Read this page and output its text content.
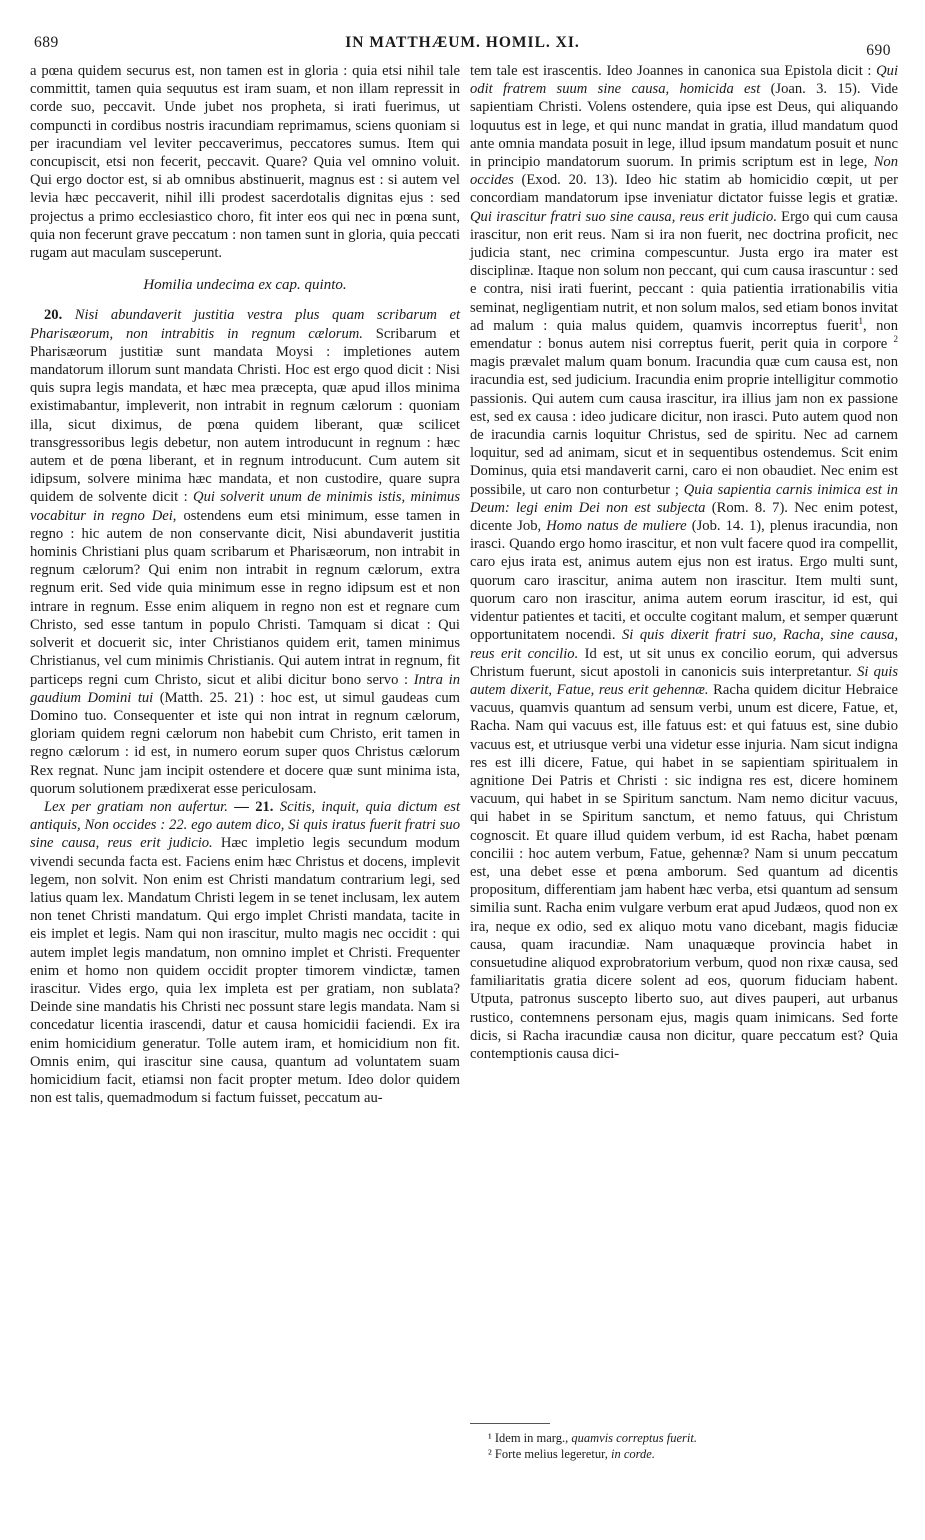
689	IN MATTHÆUM. HOMIL. XI.	690

a pœna quidem securus est, non tamen est in gloria : quia etsi nihil tale committit, tamen quia sequutus est iram suam, et non illam repressit in corde suo, peccavit. Unde jubet nos propheta, si irati fuerimus, ut compuncti in cordibus nostris iracundiam reprimamus, sciens quoniam si per iracundiam vel leviter peccaverimus, peccatores sumus. Item qui concupiscit, etsi non fecerit, peccavit. Quare? Quia vel omnino voluit. Qui ergo doctor est, si ab omnibus abstinuerit, magnus est : si autem vel levia hæc peccaverit, nihil illi prodest sacerdotalis dignitas ejus : sed projectus a primo ecclesiastico choro, fit inter eos qui nec in pœna sunt, quia non fecerunt grave peccatum : non tamen sunt in gloria, quia peccati rugam aut maculam susceperunt.

Homilia undecima ex cap. quinto.

20. Nisi abundaverit justitia vestra plus quam scribarum et Pharisæorum, non intrabitis in regnum cælorum. Scribarum et Pharisæorum justitiæ sunt mandata Moysi : impletiones autem mandatorum illorum sunt mandata Christi. Hoc est ergo quod dicit : Nisi quis supra legis mandata, et hæc mea præcepta, quæ apud illos minima existimabantur, impleverit, non intrabit in regnum cælorum : quoniam illa, sicut diximus, de pœna quidem liberant, quæ scilicet transgressoribus legis debetur, non autem introducunt in regnum : hæc autem et de pœna liberant, et in regnum introducunt. Cum autem sit idipsum, solvere minima hæc mandata, et non custodire, quare supra quidem de solvente dicit : Qui solverit unum de minimis istis, minimus vocabitur in regno Dei, ostendens eum etsi minimum, esse tamen in regno : hic autem de non conservante dicit, Nisi abundaverit justitia hominis Christiani plus quam scribarum et Pharisæorum, non intrabit in regnum cælorum? Qui enim non intrabit in regnum cælorum, extra regnum erit. Sed vide quia minimum esse in regno idipsum est et non intrare in regnum. Esse enim aliquem in regno non est et regnare cum Christo, sed esse tantum in populo Christi. Tamquam si dicat : Qui solverit et docuerit sic, inter Christianos quidem erit, tamen minimus Christianus, vel cum minimis Christianis. Qui autem intrat in regnum, fit particeps regni cum Christo, sicut et alibi dicitur bono servo : Intra in gaudium Domini tui (Matth. 25. 21) : hoc est, ut simul gaudeas cum Domino tuo. Consequenter et iste qui non intrat in regnum cælorum, gloriam quidem regni cælorum non habebit cum Christo, erit tamen in regno cælorum : id est, in numero eorum super quos Christus cælorum Rex regnat. Nunc jam incipit ostendere et docere quæ sunt minima ista, quorum solutionem prædixerat esse periculosam.

Lex per gratiam non aufertur. — 21. Scitis, inquit, quia dictum est antiquis, Non occides : 22. ego autem dico, Si quis iratus fuerit fratri suo sine causa, reus erit judicio. Hæc impletio legis secundum modum vivendi secunda facta est. Faciens enim hæc Christus et docens, implevit legem, non solvit. Non enim est Christi mandatum contrarium legi, sed latius quam lex. Mandatum Christi legem in se tenet inclusam, lex autem non tenet Christi mandatum. Qui ergo implet Christi mandata, tacite in eis implet et legis. Nam qui non irascitur, multo magis nec occidit : qui autem implet legis mandatum, non omnino implet et Christi. Frequenter enim et homo non quidem occidit propter timorem vindictæ, tamen irascitur. Vides ergo, quia lex impleta est per gratiam, non sublata? Deinde sine mandatis his Christi nec possunt stare legis mandata. Nam si concedatur licentia irascendi, datur et causa homicidii faciendi. Ex ira enim homicidium generatur. Tolle autem iram, et homicidium non fit. Omnis enim, qui irascitur sine causa, quantum ad voluntatem suam homicidium facit, etiamsi non facit propter metum. Ideo dolor quidem non est talis, quemadmodum si factum fuisset, peccatum au-

tem tale est irascentis. Ideo Joannes in canonica sua Epistola dicit : Qui odit fratrem suum sine causa, homicida est (Joan. 3. 15). Vide sapientiam Christi. Volens ostendere, quia ipse est Deus, qui aliquando loquutus est in lege, et qui nunc mandat in gratia, illud mandatum quod ante omnia mandata posuit in lege, illud ipsum mandatum posuit et nunc in principio mandatorum suorum. In primis scriptum est in lege, Non occides (Exod. 20. 13). Ideo hic statim ab homicidio cœpit, ut per concordiam mandatorum ipse inveniatur dictator fuisse legis et gratiæ. Qui irascitur fratri suo sine causa, reus erit judicio. Ergo qui cum causa irascitur, non erit reus. Nam si ira non fuerit, nec doctrina proficit, nec judicia stant, nec crimina compescuntur. Justa ergo ira mater est disciplinæ. Itaque non solum non peccant, qui cum causa irascuntur : sed e contra, nisi irati fuerint, peccant : quia patientia irrationabilis vitia seminat, negligentiam nutrit, et non solum malos, sed etiam bonos invitat ad malum : quia malus quidem, quamvis incorreptus fuerit$^1$, non emendatur : bonus autem nisi correptus fuerit, perit quia in corpore $^2$ magis prævalet malum quam bonum. Iracundia quæ cum causa est, non iracundia est, sed judicium. Iracundia enim proprie intelligitur commotio passionis. Qui autem cum causa irascitur, ira illius jam non ex passione est, sed ex causa : ideo judicare dicitur, non irasci. Puto autem quod non de iracundia carnis loquitur Christus, sed de spiritu. Nec ad carnem loquitur, sed ad animam, sicut et in sequentibus ostendemus. Scit enim Dominus, quia etsi mandaverit carni, caro ei non obaudiet. Nec enim est possibile, ut caro non conturbetur ; Quia sapientia carnis inimica est in Deum: legi enim Dei non est subjecta (Rom. 8. 7). Nec enim potest, dicente Job, Homo natus de muliere (Job. 14. 1), plenus iracundia, non irasci. Quando ergo homo irascitur, et non vult facere quod ira compellit, caro ejus irata est, animus autem ejus non est iratus. Ergo multi sunt, quorum caro irascitur, anima autem non irascitur. Item multi sunt, quorum caro non irascitur, anima autem eorum irascitur, id est, qui videntur patientes et taciti, et occulte cogitant malum, et semper quærunt opportunitatem nocendi. Si quis dixerit fratri suo, Racha, sine causa, reus erit concilio. Id est, ut sit unus ex concilio eorum, qui adversus Christum fuerunt, sicut apostoli in canonicis suis interpretantur. Si quis autem dixerit, Fatue, reus erit gehennæ. Racha quidem dicitur Hebraice vacuus, quamvis quantum ad sensum verbi, unum est dicere, Fatue, et, Racha. Nam qui vacuus est, ille fatuus est: et qui fatuus est, sine dubio vacuus est, et utriusque verbi una videtur esse injuria. Nam sicut indigna res est illi dicere, Fatue, qui habet in se sapientiam spiritualem in agnitione Dei Patris et Christi : sic indigna res est, dicere hominem vacuum, qui habet in se Spiritum sanctum. Nam nemo dicitur vacuus, qui habet in se Spiritum sanctum, et nemo fatuus, qui Christum cognoscit. Et quare illud quidem verbum, id est Racha, habet pœnam concilii : hoc autem verbum, Fatue, gehennæ? Nam si unum peccatum est, una debet esse et pœna amborum. Sed quantum ad dicentis propositum, differentiam jam habent hæc verba, etsi quantum ad sensum similia sunt. Racha enim vulgare verbum erat apud Judæos, quod non ex ira, neque ex odio, sed ex aliquo motu vano dicebant, magis fiduciæ causa, quam iracundiæ. Nam unaquæque provincia habet in consuetudine aliquod exprobratorium verbum, quod non rixæ causa, sed familiaritatis gratia dicere solent ad eos, quorum fiduciam habent. Utputa, patronus suscepto liberto suo, aut dives pauperi, aut urbanus rustico, contemnens personam ejus, magis quam inimicans. Sed forte dicis, si Racha iracundiæ causa non dicitur, quare peccatum est? Quia contemptionis causa dici-

¹ Idem in marg., quamvis correptus fuerit.
² Forte melius legeretur, in corde.
